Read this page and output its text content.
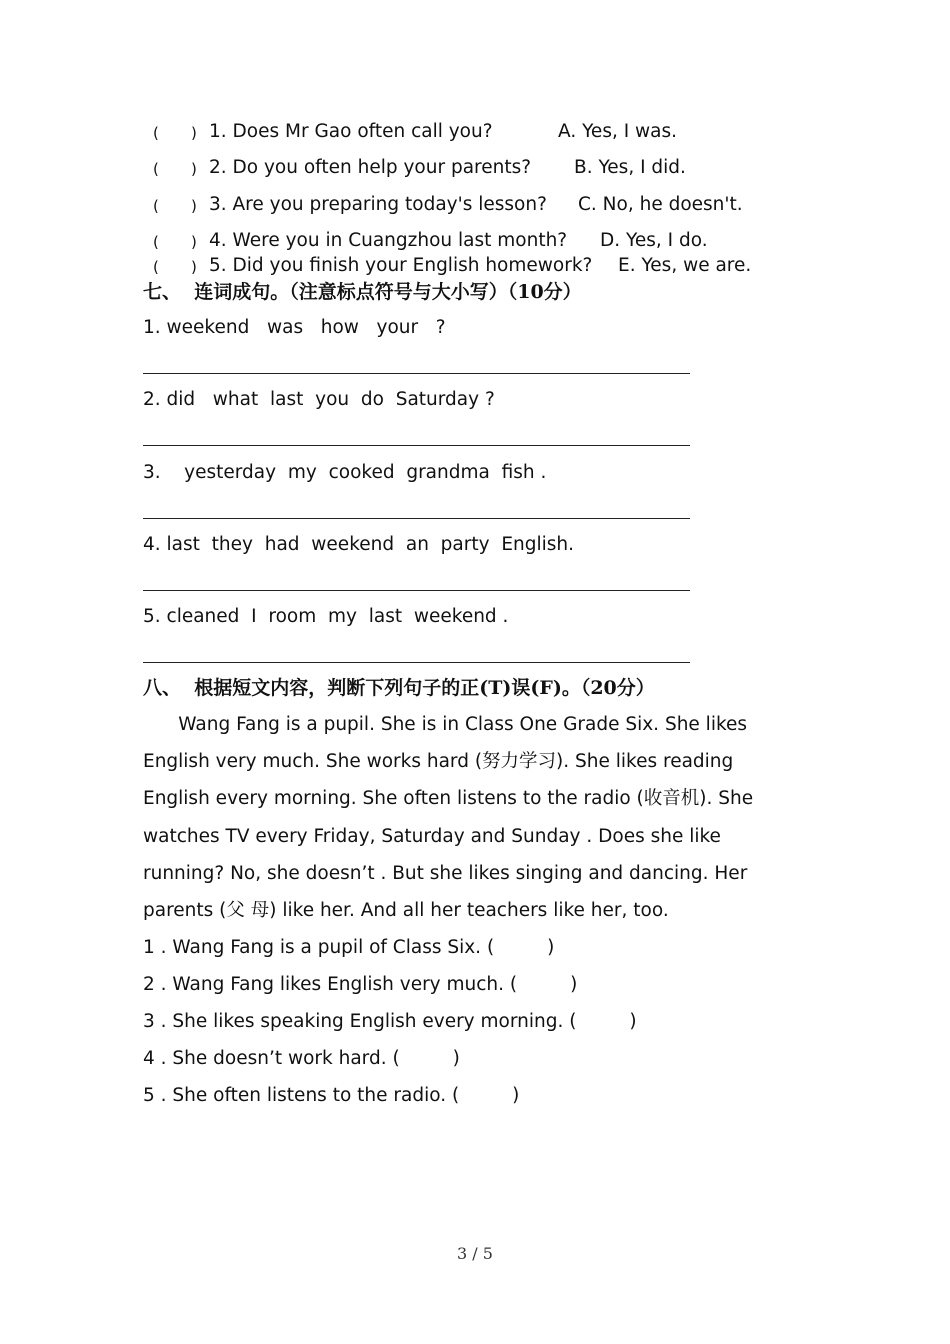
( ) 1. Does Mr Gao often call you?	A. Yes, I was.
( ) 2. Do you often help your parents? B. Yes, I did.
( ) 3. Are you preparing today's lesson? C. No, he doesn't.
( ) 4. Were you in Cuangzhou last month? D. Yes, I do.
( ) 5. Did you finish your English homework? E. Yes, we are.
七、  连词成句。（注意标点符号与大小写）（10分）
1. weekend   was   how   your   ?
2. did   what  last  you  do  Saturday ?
3.    yesterday  my  cooked  grandma  fish .
4. last  they  had  weekend  an  party  English.
5. cleaned  I  room  my  last  weekend .
八、  根据短文内容，判断下列句子的正(T)误(F)。（20分）
Wang Fang is a pupil. She is in Class One Grade Six. She likes
English very much. She works hard (努力学习). She likes reading
English every morning. She often listens to the radio (收音机). She
watches TV every Friday, Saturday and Sunday . Does she like
running? No, she doesn’t . But she likes singing and dancing. Her
parents (父 母) like her. And all her teachers like her, too.
1 . Wang Fang is a pupil of Class Six. (         )
2 . Wang Fang likes English very much. (         )
3 . She likes speaking English every morning. (         )
4 . She doesn’t work hard. (         )
5 . She often listens to the radio. (         )
3 / 5
